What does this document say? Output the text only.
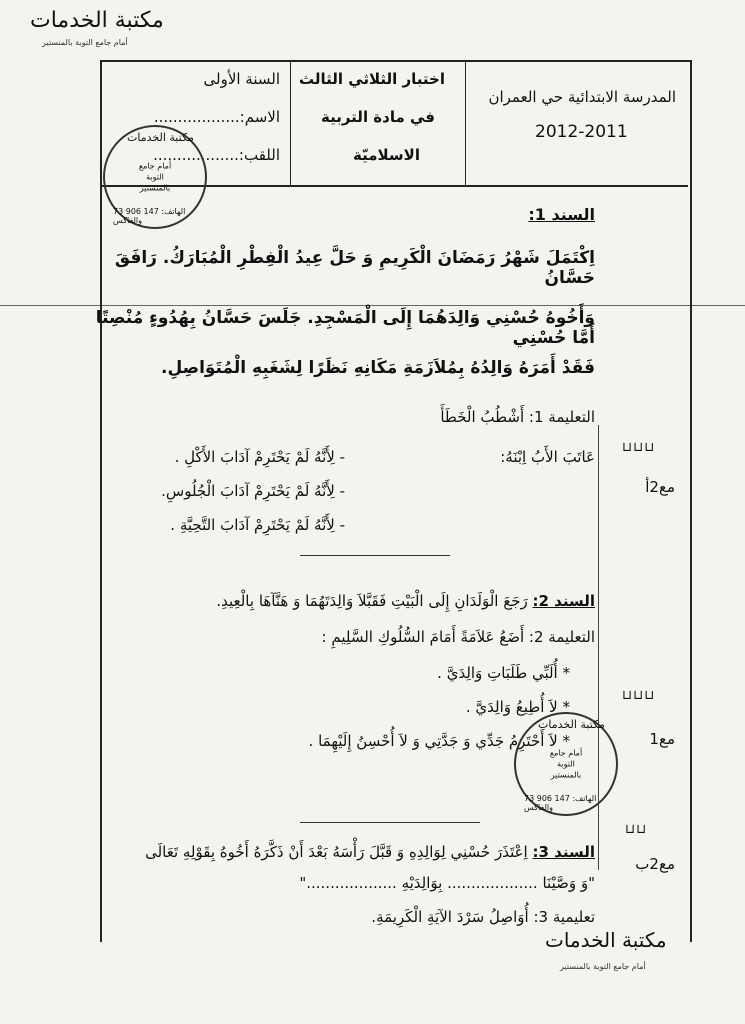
مكتبة الخدمات
أمام جامع التوبة بالمنستير
السنة الأولى
الاسم:..................
اللقب:..................
اختبار الثلاثي الثالث
في مادة التربية
الاسلاميّة
المدرسة الابتدائية حي العمران
2012-2011
مكتبة الخدمات
أمام جامع التوبة بالمنستير
73 906 147 :الهاتف والفاكس	السند 1:
اِكْتَمَلَ شَهْرُ رَمَضَانَ الْكَرِيمِ وَ حَلَّ عِيدُ الْفِطْرِ الْمُبَارَكُ. رَافَقَ حَسَّانُ
وَأَخُوهُ حُسْنِي وَالِدَهُمَا إِلَى الْمَسْجِدِ. جَلَسَ حَسَّانُ بِهُدُوءٍ مُنْصِتًا أَمَّا حُسْنِي
فَقَدْ أَمَرَهُ وَالِدُهُ بِمُلاَزَمَةِ مَكَانِهِ نَظَرًا لِشَغَبِهِ الْمُتَوَاصِلِ.
التعليمة 1: أَشْطُبُ الْخَطَأَ
عَاتَبَ الأَبُ اِبْنَهُ:
- لِأَنَّهُ لَمْ يَحْتَرِمْ آدَابَ الأَكْلِ .
- لِأَنَّهُ لَمْ يَحْتَرِمْ آدَابَ الْجُلُوسِ.
- لِأَنَّهُ لَمْ يَحْتَرِمْ آدَابَ التَّحِيَّةِ .
⊔⊔⊔
مع2أ
السند 2: رَجَعَ الْوَلَدَانِ إِلَى الْبَيْتِ فَقَبَّلاَ وَالِدَتَهُمَا وَ هَنَّآهَا بِالْعِيدِ.
التعليمة 2: أَضَعُ عَلاَمَةً أَمَامَ السُّلُوكِ السَّلِيمِ :
* أُلَبِّي طَلَبَاتِ وَالِدَيَّ .
* لاَ أُطِيعُ وَالِدَيَّ .
* لاَ أَحْتَرِمُ جَدِّي وَ جَدَّتِي وَ لاَ أُحْسِنُ إِلَيْهِمَا .
⊔⊔⊔
مع1
مكتبة الخدمات
أمام جامع التوبة بالمنستير
73 906 147 :الهاتف والفاكس
السند 3: اِعْتَذَرَ حُسْنِي لِوَالِدِهِ وَ قَبَّلَ رَأْسَهُ بَعْدَ أَنْ ذَكَّرَهُ أَخُوهُ بِقَوْلِهِ تَعَالَى
"وَ وَصَّيْنَا ................... بِوَالِدَيْهِ ..................."
تعليمية 3: أُوَاصِلُ سَرْدَ الآيَةِ الْكَرِيمَةِ.
⊔⊔
مع2ب
مكتبة الخدمات
أمام جامع التوبة بالمنستير
